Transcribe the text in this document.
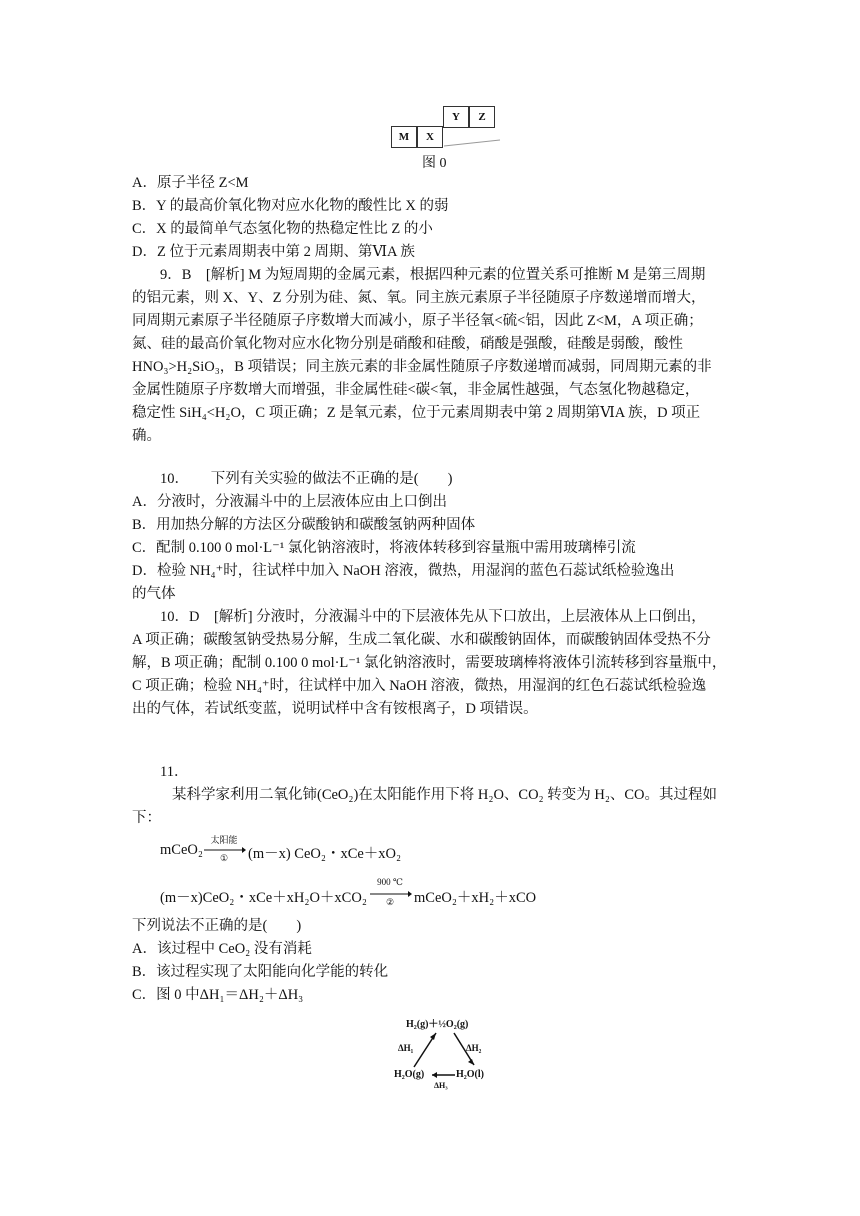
Y	Z
M	X
图 0
A．原子半径 Z<M
B．Y 的最高价氧化物对应水化物的酸性比 X 的弱
C．X 的最简单气态氢化物的热稳定性比 Z 的小
D．Z 位于元素周期表中第 2 周期、第ⅥA 族
9．B　[解析] M 为短周期的金属元素，根据四种元素的位置关系可推断 M 是第三周期
的铝元素，则 X、Y、Z 分别为硅、氮、氧。同主族元素原子半径随原子序数递增而增大，
同周期元素原子半径随原子序数增大而减小，原子半径氧<硫<铝，因此 Z<M，A 项正确；
氮、硅的最高价氧化物对应水化物分别是硝酸和硅酸，硝酸是强酸，硅酸是弱酸，酸性
HNO₃>H₂SiO₃，B 项错误；同主族元素的非金属性随原子序数递增而减弱，同周期元素的非
金属性随原子序数增大而增强，非金属性硅<碳<氧，非金属性越强，气态氢化物越稳定，
稳定性 SiH₄<H₂O，C 项正确；Z 是氧元素，位于元素周期表中第 2 周期第ⅥA 族，D 项正
确。
10．　　下列有关实验的做法不正确的是(　　)
A．分液时，分液漏斗中的上层液体应由上口倒出
B．用加热分解的方法区分碳酸钠和碳酸氢钠两种固体
C．配制 0.100 0 mol·L⁻¹ 氯化钠溶液时，将液体转移到容量瓶中需用玻璃棒引流
D．检验 NH₄⁺时，往试样中加入 NaOH 溶液，微热，用湿润的蓝色石蕊试纸检验逸出
的气体
10．D　[解析] 分液时，分液漏斗中的下层液体先从下口放出，上层液体从上口倒出，
A 项正确；碳酸氢钠受热易分解，生成二氧化碳、水和碳酸钠固体，而碳酸钠固体受热不分
解，B 项正确；配制 0.100 0 mol·L⁻¹ 氯化钠溶液时，需要玻璃棒将液体引流转移到容量瓶中，
C 项正确；检验 NH₄⁺时，往试样中加入 NaOH 溶液，微热，用湿润的红色石蕊试纸检验逸
出的气体，若试纸变蓝，说明试样中含有铵根离子，D 项错误。
11．
某科学家利用二氧化铈(CeO₂)在太阳能作用下将 H₂O、CO₂ 转变为 H₂、CO。其过程如
下：
mCeO₂
太阳能
①	(m－x) CeO₂・xCe＋xO₂
(m－x)CeO₂・xCe＋xH₂O＋xCO₂
900 ℃
②	mCeO₂＋xH₂＋xCO
下列说法不正确的是(　　)
A．该过程中 CeO₂ 没有消耗
B．该过程实现了太阳能向化学能的转化
C．图 0 中ΔH₁＝ΔH₂＋ΔH₃
H₂(g)＋½O₂(g)
H₂O(g)	H₂O(l)
ΔH₁	ΔH₂
ΔH₃
